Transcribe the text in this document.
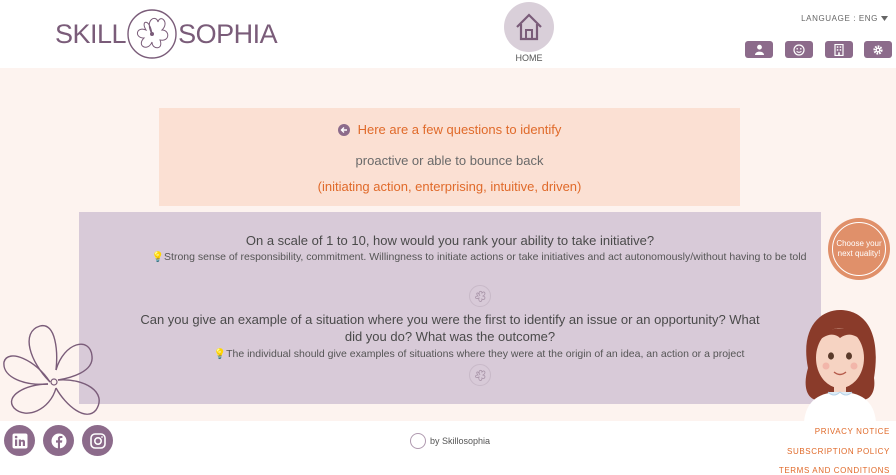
SKILL SOPHIA
HOME
LANGUAGE : ENG
Here are a few questions to identify
proactive or able to bounce back
(initiating action, enterprising, intuitive, driven)
On a scale of 1 to 10, how would you rank your ability to take initiative?
💡Strong sense of responsibility, commitment. Willingness to initiate actions or take initiatives and act autonomously/without having to be told
Can you give an example of a situation where you were the first to identify an issue or an opportunity? What did you do? What was the outcome?
💡The individual should give examples of situations where they were at the origin of an idea, an action or a project
Choose your next quality!
by Skillosophia
PRIVACY NOTICE
SUBSCRIPTION POLICY
TERMS AND CONDITIONS
